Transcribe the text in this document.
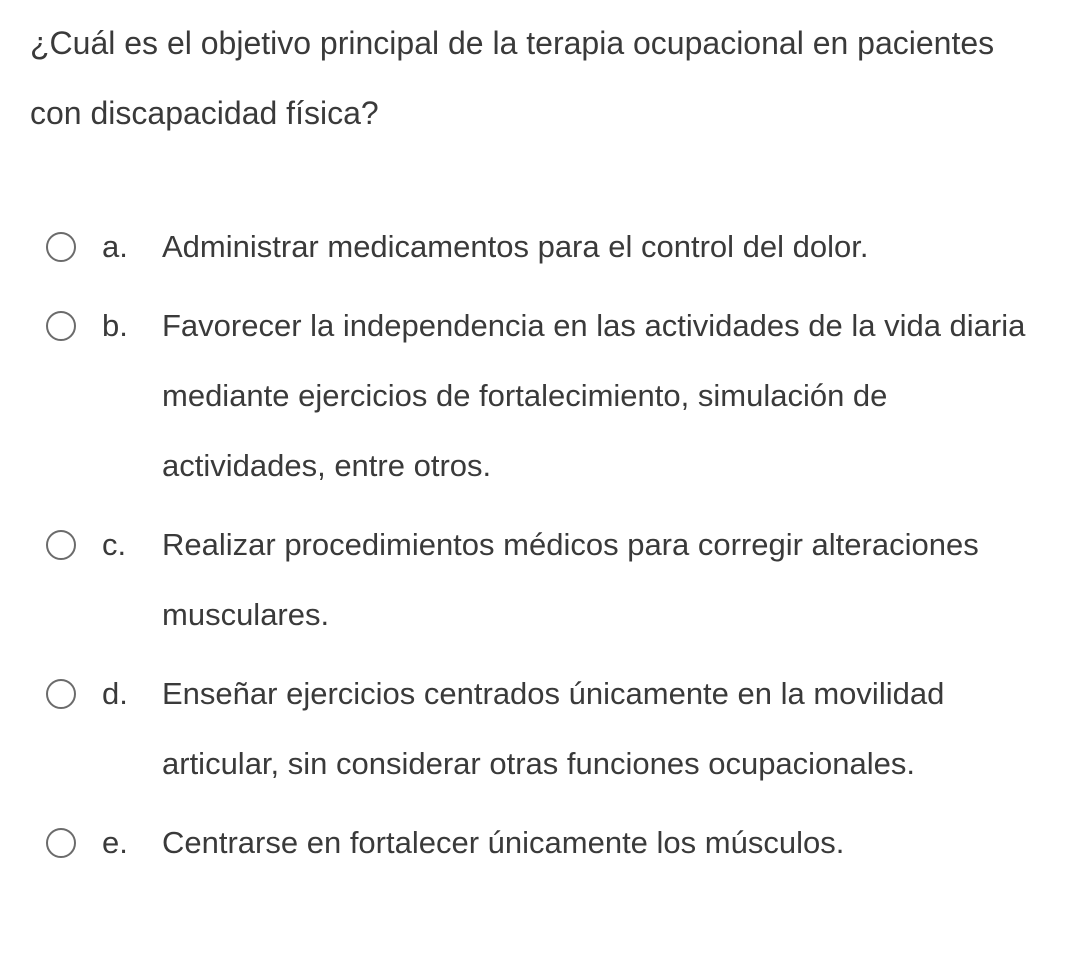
¿Cuál es el objetivo principal de la terapia ocupacional en pacientes con discapacidad física?
a.	Administrar medicamentos para el control del dolor.
b.	Favorecer la independencia en las actividades de la vida diaria mediante ejercicios de fortalecimiento, simulación de actividades, entre otros.
c.	Realizar procedimientos médicos para corregir alteraciones musculares.
d.	Enseñar ejercicios centrados únicamente en la movilidad articular, sin considerar otras funciones ocupacionales.
e.	Centrarse en fortalecer únicamente los músculos.
